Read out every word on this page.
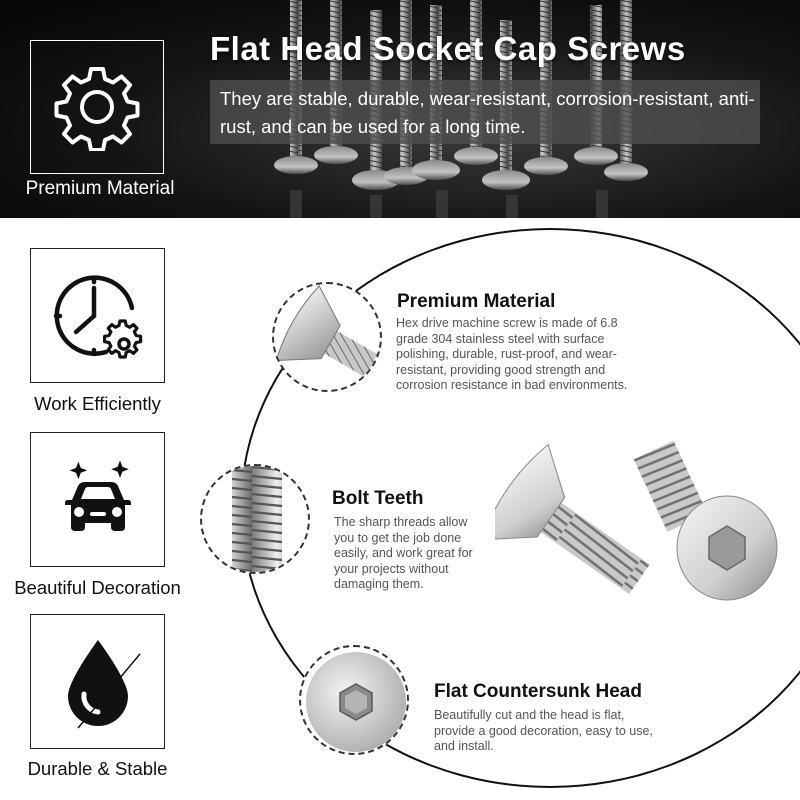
Premium Material
Flat Head Socket Cap Screws
They are stable, durable, wear-resistant, corrosion-resistant, anti-rust, and can be used for a long time.
Work Efficiently
Beautiful Decoration
Durable & Stable
Premium Material
Hex drive machine screw is made of 6.8 grade 304 stainless steel with surface polishing, durable, rust-proof, and wear-resistant, providing good strength and corrosion resistance in bad environments.
Bolt Teeth
The sharp threads allow you to get the job done easily, and work great for your projects without damaging them.
Flat Countersunk Head
Beautifully cut and the head is flat, provide a good decoration, easy to use, and install.
